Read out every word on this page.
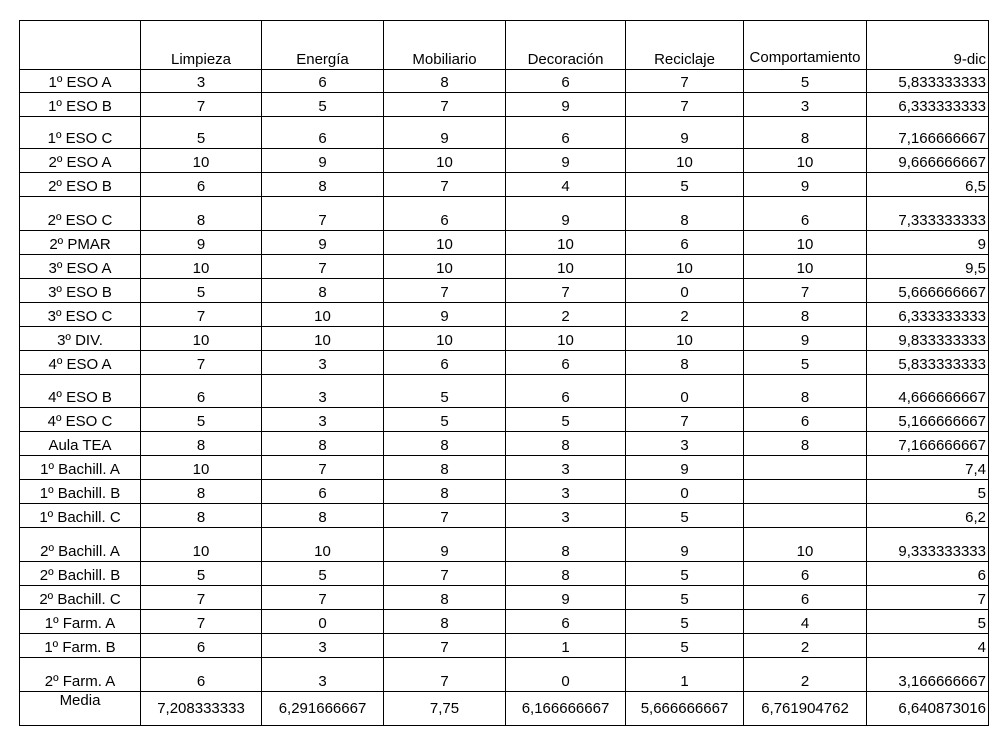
	Limpieza	Energía	Mobiliario	Decoración	Reciclaje	Comportamiento	9-dic
1º ESO A	3	6	8	6	7	5	5,833333333
1º ESO B	7	5	7	9	7	3	6,333333333
1º ESO C	5	6	9	6	9	8	7,166666667
2º ESO A	10	9	10	9	10	10	9,666666667
2º ESO B	6	8	7	4	5	9	6,5
2º ESO C	8	7	6	9	8	6	7,333333333
2º PMAR	9	9	10	10	6	10	9
3º ESO A	10	7	10	10	10	10	9,5
3º ESO B	5	8	7	7	0	7	5,666666667
3º ESO C	7	10	9	2	2	8	6,333333333
3º DIV.	10	10	10	10	10	9	9,833333333
4º ESO A	7	3	6	6	8	5	5,833333333
4º ESO B	6	3	5	6	0	8	4,666666667
4º ESO C	5	3	5	5	7	6	5,166666667
Aula TEA	8	8	8	8	3	8	7,166666667
1º Bachill. A	10	7	8	3	9		7,4
1º Bachill. B	8	6	8	3	0		5
1º Bachill. C	8	8	7	3	5		6,2
2º Bachill. A	10	10	9	8	9	10	9,333333333
2º Bachill. B	5	5	7	8	5	6	6
2º Bachill. C	7	7	8	9	5	6	7
1º Farm. A	7	0	8	6	5	4	5
1º Farm. B	6	3	7	1	5	2	4
2º Farm. A	6	3	7	0	1	2	3,166666667
Media	7,208333333	6,291666667	7,75	6,166666667	5,666666667	6,761904762	6,640873016
